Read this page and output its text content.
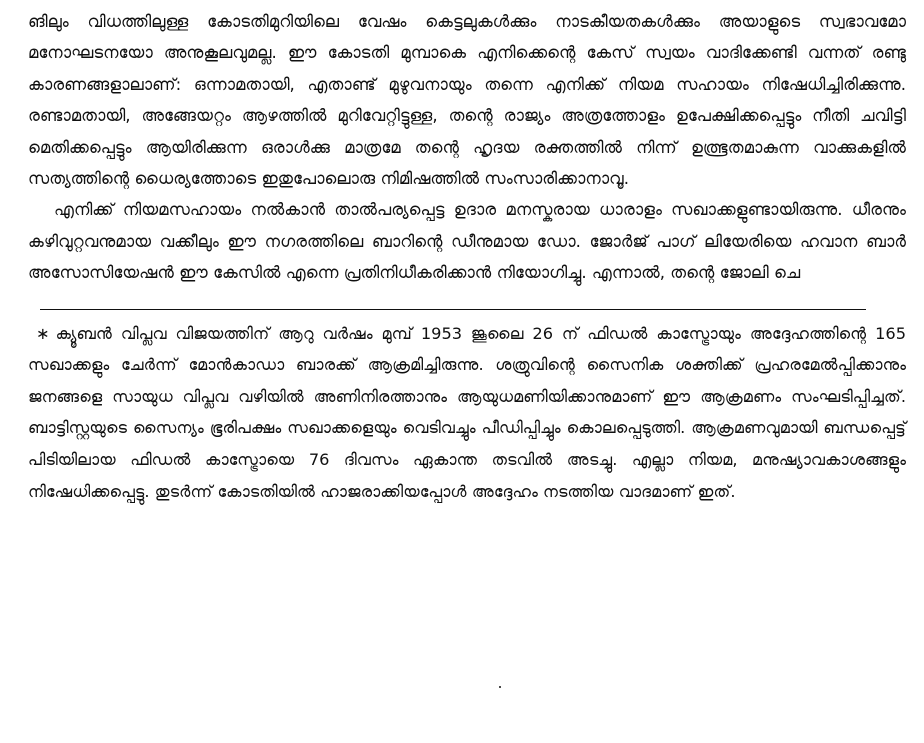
ങിലും വിധത്തിലുള്ള കോടതിമുറിയിലെ വേഷം കെട്ടലുകൾക്കും നാടകീയതകൾക്കും അയാളുടെ സ്വഭാവമോ മനോഘടനയോ അനുകൂലവുമല്ല. ഈ കോടതി മുമ്പാകെ എനിക്കെന്റെ കേസ് സ്വയം വാദിക്കേണ്ടി വന്നത് രണ്ടു കാരണങ്ങളാലാണ്: ഒന്നാമതായി, എതാണ്ട് മുഴുവനായും തന്നെ എനിക്ക് നിയമ സഹായം നിഷേധിച്ചിരിക്കുന്നു. രണ്ടാമതായി, അങ്ങേയറ്റം ആഴത്തിൽ മുറിവേറ്റിട്ടുള്ള, തന്റെ രാജ്യം അത്രത്തോളം ഉപേക്ഷിക്കപ്പെട്ടും നീതി ചവിട്ടി മെതിക്കപ്പെട്ടും ആയിരിക്കുന്ന ഒരാൾക്കു മാത്രമേ തന്റെ ഹൃദയ രക്തത്തിൽ നിന്ന് ഉത്ഭൂതമാകുന്ന വാക്കുകളിൽ സത്യത്തിന്റെ ധൈര്യത്തോടെ ഇതുപോലൊരു നിമിഷത്തിൽ സംസാരിക്കാനാവൂ.

എനിക്ക് നിയമസഹായം നൽകാൻ താൽപര്യപ്പെട്ട ഉദാര മനസ്കരായ ധാരാളം സഖാക്കളുണ്ടായിരുന്നു. ധീരനും കഴിവുറ്റവനുമായ വക്കീലും ഈ നഗരത്തിലെ ബാറിന്റെ ഡീനുമായ ഡോ. ജോർജ് പാഗ് ലിയേരിയെ ഹവാന ബാർ അസോസിയേഷൻ ഈ കേസിൽ എന്നെ പ്രതിനിധീകരിക്കാൻ നിയോഗിച്ചു. എന്നാൽ, തന്റെ ജോലി ചെ

∗ ക്യൂബൻ വിപ്ലവ വിജയത്തിന് ആറു വർഷം മുമ്പ് 1953 ജൂലൈ 26 ന് ഫിഡൽ കാസ്ട്രോയും അദ്ദേഹത്തിന്റെ 165 സഖാക്കളും ചേർന്ന് മോൻകാഡാ ബാരക്ക് ആക്രമിച്ചിരുന്നു. ശത്രുവിന്റെ സൈനിക ശക്തിക്ക് പ്രഹരമേൽപ്പിക്കാനും ജനങ്ങളെ സായുധ വിപ്ലവ വഴിയിൽ അണിനിരത്താനും ആയുധമണിയിക്കാനുമാണ് ഈ ആക്രമണം സംഘടിപ്പിച്ചത്. ബാട്ടിസ്റ്റയുടെ സൈന്യം ഭൂരിപക്ഷം സഖാക്കളെയും വെടിവച്ചും പീഡിപ്പിച്ചും കൊലപ്പെടുത്തി. ആക്രമണവുമായി ബന്ധപ്പെട്ട് പിടിയിലായ ഫിഡൽ കാസ്ട്രോയെ 76 ദിവസം ഏകാന്ത തടവിൽ അടച്ചു. എല്ലാ നിയമ, മനുഷ്യാവകാശങ്ങളും നിഷേധിക്കപ്പെട്ടു. തുടർന്ന് കോടതിയിൽ ഹാജരാക്കിയപ്പോൾ അദ്ദേഹം നടത്തിയ വാദമാണ് ഇത്.
